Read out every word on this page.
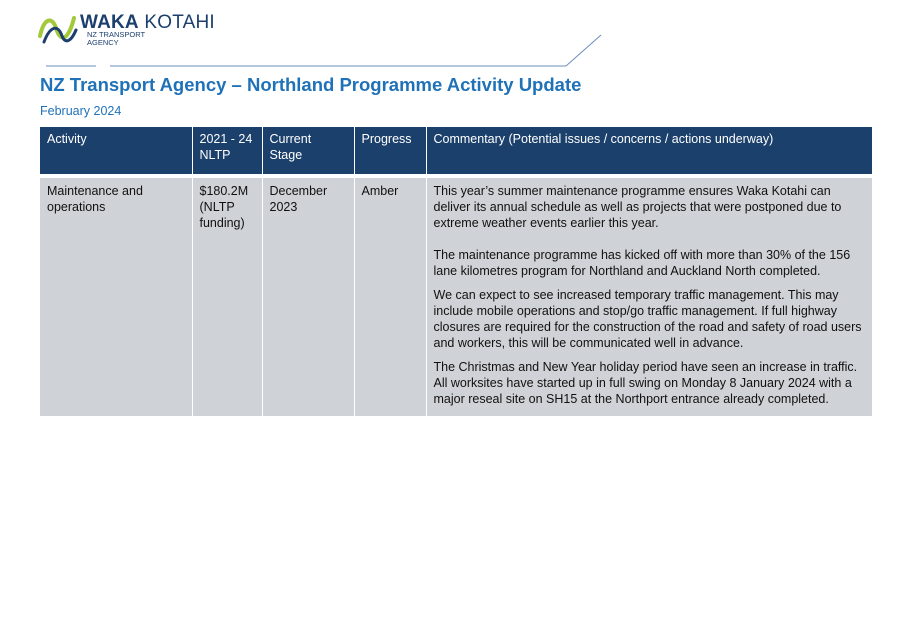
WAKA KOTAHI
NZ TRANSPORT
AGENCY
NZ Transport Agency – Northland Programme Activity Update
February 2024
Activity	2021 - 24 NLTP	Current Stage	Progress	Commentary (Potential issues / concerns / actions underway)
Maintenance and operations	$180.2M (NLTP funding)	December 2023	Amber	This year’s summer maintenance programme ensures Waka Kotahi can deliver its annual schedule as well as projects that were postponed due to extreme weather events earlier this year.

The maintenance programme has kicked off with more than 30% of the 156 lane kilometres program for Northland and Auckland North completed.

We can expect to see increased temporary traffic management. This may include mobile operations and stop/go traffic management. If full highway closures are required for the construction of the road and safety of road users and workers, this will be communicated well in advance.

The Christmas and New Year holiday period have seen an increase in traffic. All worksites have started up in full swing on Monday 8 January 2024 with a major reseal site on SH15 at the Northport entrance already completed.
